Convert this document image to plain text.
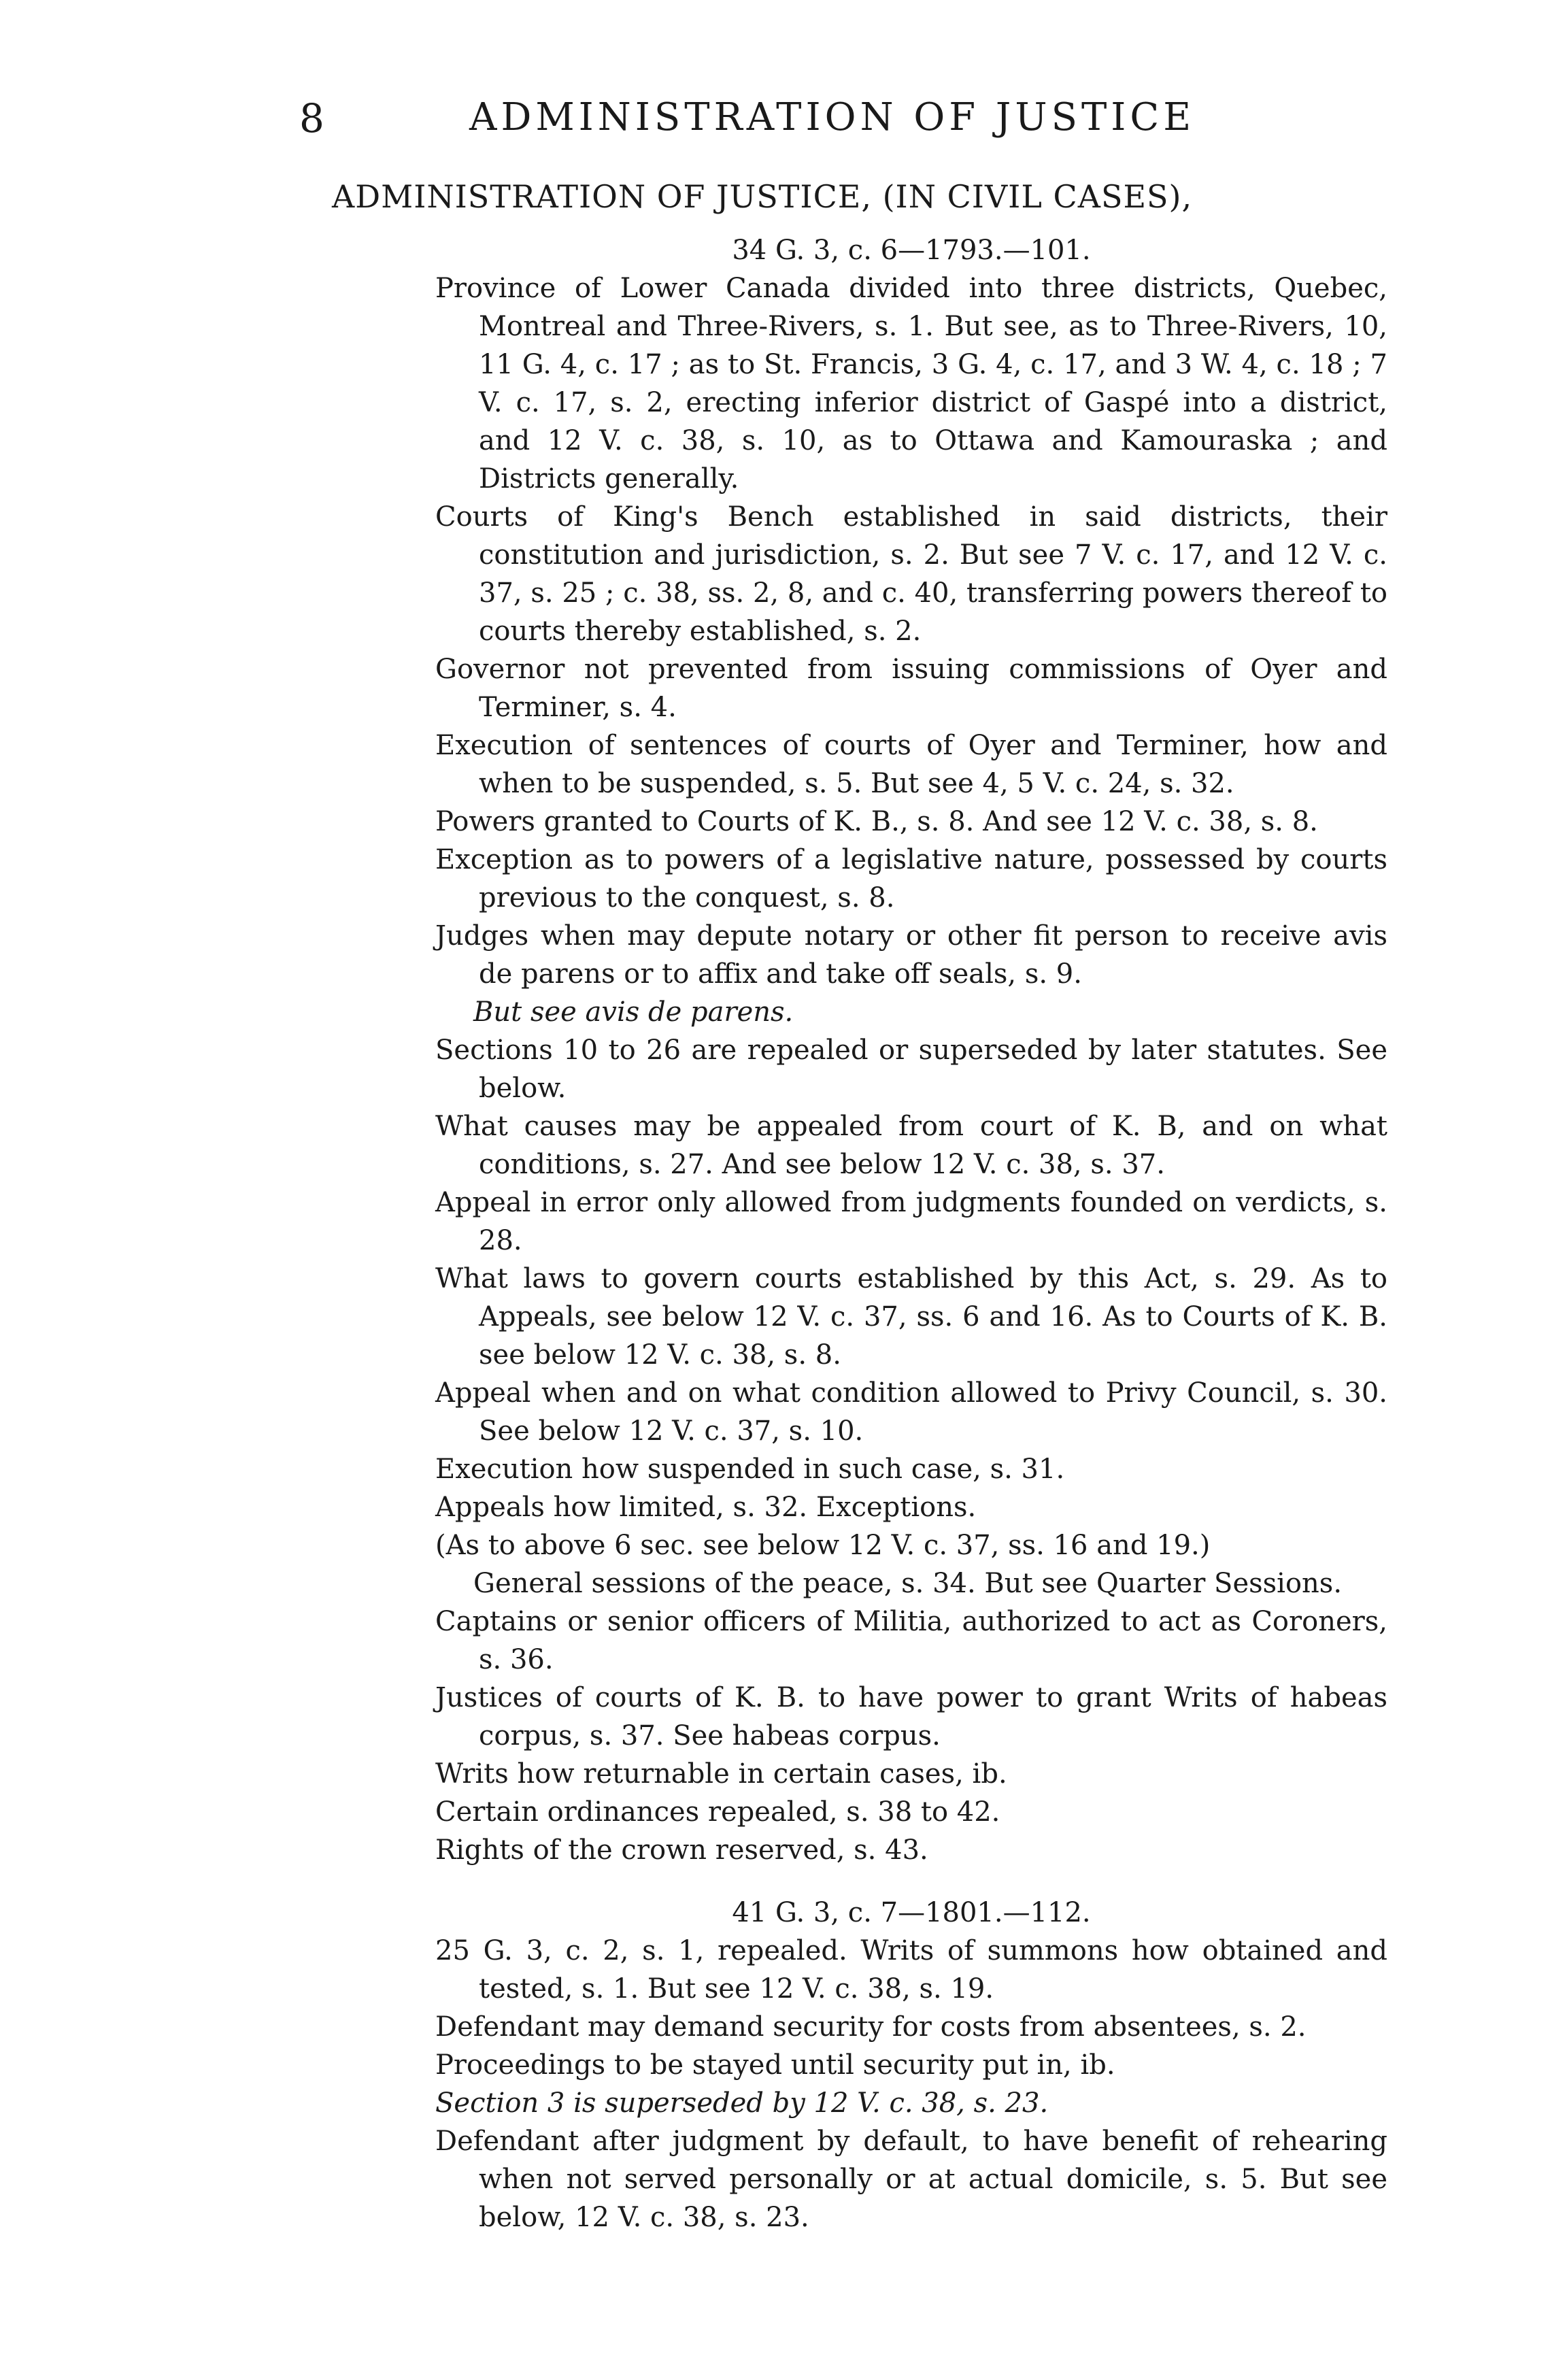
8	ADMINISTRATION OF JUSTICE
ADMINISTRATION OF JUSTICE, (IN CIVIL CASES),

34 G. 3, c. 6—1793.—101.

Province of Lower Canada divided into three districts, Quebec, Montreal and Three-Rivers, s. 1. But see, as to Three-Rivers, 10, 11 G. 4, c. 17 ; as to St. Francis, 3 G. 4, c. 17, and 3 W. 4, c. 18 ; 7 V. c. 17, s. 2, erecting inferior district of Gaspé into a district, and 12 V. c. 38, s. 10, as to Ottawa and Kamouraska ; and Districts generally.

Courts of King's Bench established in said districts, their constitution and jurisdiction, s. 2. But see 7 V. c. 17, and 12 V. c. 37, s. 25 ; c. 38, ss. 2, 8, and c. 40, transferring powers thereof to courts thereby established, s. 2.

Governor not prevented from issuing commissions of Oyer and Terminer, s. 4.

Execution of sentences of courts of Oyer and Terminer, how and when to be suspended, s. 5. But see 4, 5 V. c. 24, s. 32.

Powers granted to Courts of K. B., s. 8. And see 12 V. c. 38, s. 8.

Exception as to powers of a legislative nature, possessed by courts previous to the conquest, s. 8.

Judges when may depute notary or other fit person to receive avis de parens or to affix and take off seals, s. 9.

But see avis de parens.

Sections 10 to 26 are repealed or superseded by later statutes. See below.

What causes may be appealed from court of K. B, and on what conditions, s. 27. And see below 12 V. c. 38, s. 37.

Appeal in error only allowed from judgments founded on verdicts, s. 28.

What laws to govern courts established by this Act, s. 29. As to Appeals, see below 12 V. c. 37, ss. 6 and 16. As to Courts of K. B. see below 12 V. c. 38, s. 8.

Appeal when and on what condition allowed to Privy Council, s. 30. See below 12 V. c. 37, s. 10.

Execution how suspended in such case, s. 31.

Appeals how limited, s. 32. Exceptions.

(As to above 6 sec. see below 12 V. c. 37, ss. 16 and 19.)

General sessions of the peace, s. 34. But see Quarter Sessions.

Captains or senior officers of Militia, authorized to act as Coroners, s. 36.

Justices of courts of K. B. to have power to grant Writs of habeas corpus, s. 37. See habeas corpus.

Writs how returnable in certain cases, ib.

Certain ordinances repealed, s. 38 to 42.

Rights of the crown reserved, s. 43.

41 G. 3, c. 7—1801.—112.

25 G. 3, c. 2, s. 1, repealed. Writs of summons how obtained and tested, s. 1. But see 12 V. c. 38, s. 19.

Defendant may demand security for costs from absentees, s. 2.

Proceedings to be stayed until security put in, ib.

Section 3 is superseded by 12 V. c. 38, s. 23.

Defendant after judgment by default, to have benefit of rehearing when not served personally or at actual domicile, s. 5. But see below, 12 V. c. 38, s. 23.
